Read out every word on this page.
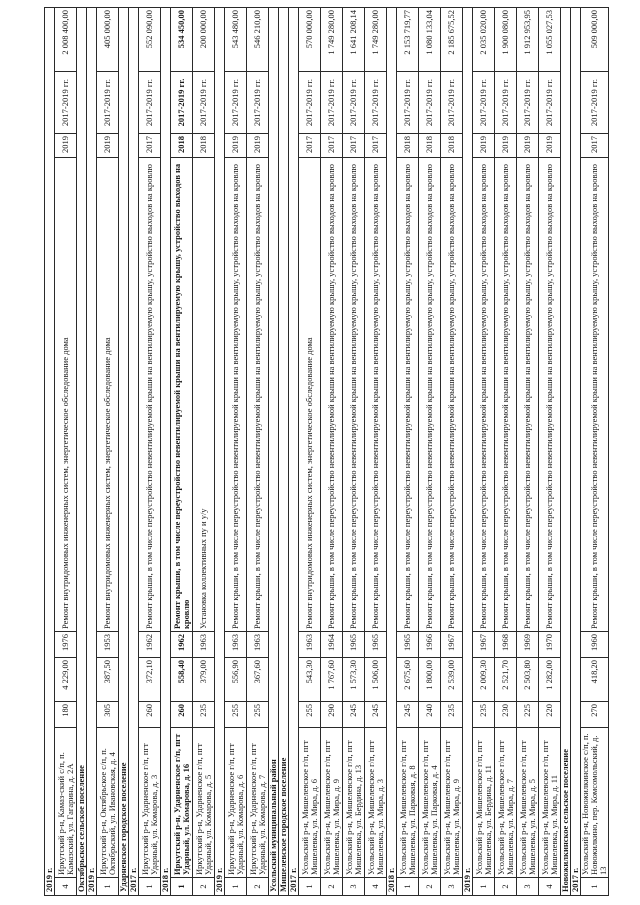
2019 г.								
4	Иркутский р-н, Камаз-ский с/п, п. Камазский, ул. Гагарина, д. 2А	180	4 229,00	1976	Ремонт внутридомовых инженерных систем, энергетическое обследование дома	2019	2017-2019 гг.	2 008 400,00
Октябрьское сельское поселение								
2019 г.								
1	Иркутский р-н, Октябрьское с/п, п. Октябрьский, ул. Ивановская, д. 4	305	387,50	1953	Ремонт внутридомовых инженерных систем, энергетическое обследование дома	2019	2017-2019 гг.	405 000,00
Ударненское городское поселение								
2017 г.								
1	Иркутский р-н, Ударненское г/п, пгт Ударный, ул. Комарова, д. 3	260	372,10	1962	Ремонт крыши, в том числе переустройство невентилируемой крыши на вентилируемую крышу, устройство выходов на кровлю	2017	2017-2019 гг.	552 090,00
2018 г.								
1	Иркутский р-н, Ударненское г/п, пгт Ударный, ул. Комарова, д. 16	260	558,40	1962	Ремонт крыши, в том числе переустройство невентилируемой крыши на вентилируемую крышу, устройство выходов на кровлю	2018	2017-2019 гг.	534 450,00
2	Иркутский р-н, Ударненское г/п, пгт Ударный, ул. Комарова, д. 5	235	379,00	1963	Установка коллективных пу и у/у	2018	2017-2019 гг.	200 000,00
2019 г.								
1	Иркутский р-н, Ударненское г/п, пгт Ударный, ул. Комарова, д. 6	255	556,90	1963	Ремонт крыши, в том числе переустройство невентилируемой крыши на вентилируемую крышу, устройство выходов на кровлю	2019	2017-2019 гг.	543 480,00
2	Иркутский р-н, Ударненское г/п, пгт Ударный, ул. Комарова, д. 7	255	367,60	1963	Ремонт крыши, в том числе переустройство невентилируемой крыши на вентилируемую крышу, устройство выходов на кровлю	2019	2017-2019 гг.	546 210,00
Усольский муниципальный район								
Мишелевское городское поселение								
2017 г.								
1	Усольский р-н, Мишелевское г/п, пгт Мишелевка, ул. Мира, д. 6	255	543,30	1963	Ремонт внутридомовых инженерных систем, энергетическое обследование дома	2017	2017-2019 гг.	570 000,00
2	Усольский р-н, Мишелевское г/п, пгт Мишелевка, ул. Мира, д. 9	290	1 767,60	1964	Ремонт крыши, в том числе переустройство невентилируемой крыши на вентилируемую крышу, устройство выходов на кровлю	2017	2017-2019 гг.	1 749 280,00
3	Усольский р-н, Мишелевское г/п, пгт Мишелевка, ул. Бердина, д. 13	245	1 573,30	1965	Ремонт крыши, в том числе переустройство невентилируемой крыши на вентилируемую крышу, устройство выходов на кровлю	2017	2017-2019 гг.	1 641 208,14
4	Усольский р-н, Мишелевское г/п, пгт Мишелевка, ул. Мира, д. 3	245	1 506,00	1965	Ремонт крыши, в том числе переустройство невентилируемой крыши на вентилируемую крышу, устройство выходов на кровлю	2017	2017-2019 гг.	1 749 280,00
2018 г.								
1	Усольский р-н, Мишелевское г/п, пгт Мишелевка, ул. Парковая, д. 8	245	2 675,60	1965	Ремонт крыши, в том числе переустройство невентилируемой крыши на вентилируемую крышу, устройство выходов на кровлю	2018	2017-2019 гг.	2 153 719,77
2	Усольский р-н, Мишелевское г/п, пгт Мишелевка, ул. Парковая, д. 4	240	1 800,00	1966	Ремонт крыши, в том числе переустройство невентилируемой крыши на вентилируемую крышу, устройство выходов на кровлю	2018	2017-2019 гг.	1 080 133,04
3	Усольский р-н, Мишелевское г/п, пгт Мишелевка, ул. Мира, д. 9	235	2 539,00	1967	Ремонт крыши, в том числе переустройство невентилируемой крыши на вентилируемую крышу, устройство выходов на кровлю	2018	2017-2019 гг.	2 185 675,52
2019 г.								
1	Усольский р-н, Мишелевское г/п, пгт Мишелевка, ул. Бердина, д. 11	235	2 009,30	1967	Ремонт крыши, в том числе переустройство невентилируемой крыши на вентилируемую крышу, устройство выходов на кровлю	2019	2017-2019 гг.	2 035 020,00
2	Усольский р-н, Мишелевское г/п, пгт Мишелевка, ул. Мира, д. 7	230	2 521,70	1968	Ремонт крыши, в том числе переустройство невентилируемой крыши на вентилируемую крышу, устройство выходов на кровлю	2019	2017-2019 гг.	1 900 080,00
3	Усольский р-н, Мишелевское г/п, пгт Мишелевка, ул. Мира, д. 5	225	2 503,80	1969	Ремонт крыши, в том числе переустройство невентилируемой крыши на вентилируемую крышу, устройство выходов на кровлю	2019	2017-2019 гг.	1 912 953,95
4	Усольский р-н, Мишелевское г/п, пгт Мишелевка, ул. Мира, д. 11	220	1 282,00	1970	Ремонт крыши, в том числе переустройство невентилируемой крыши на вентилируемую крышу, устройство выходов на кровлю	2019	2017-2019 гг.	1 055 027,53
Новожилкинское сельское поселение								
2017 г.								
1	Усольский р-н, Новожилкинское с/п, п. Новожилкино, пер. Комсомольский, д. 13	270	418,20	1960	Ремонт крыши, в том числе переустройство невентилируемой крыши на вентилируемую крышу, устройство выходов на кровлю	2017	2017-2019 гг.	509 000,00
